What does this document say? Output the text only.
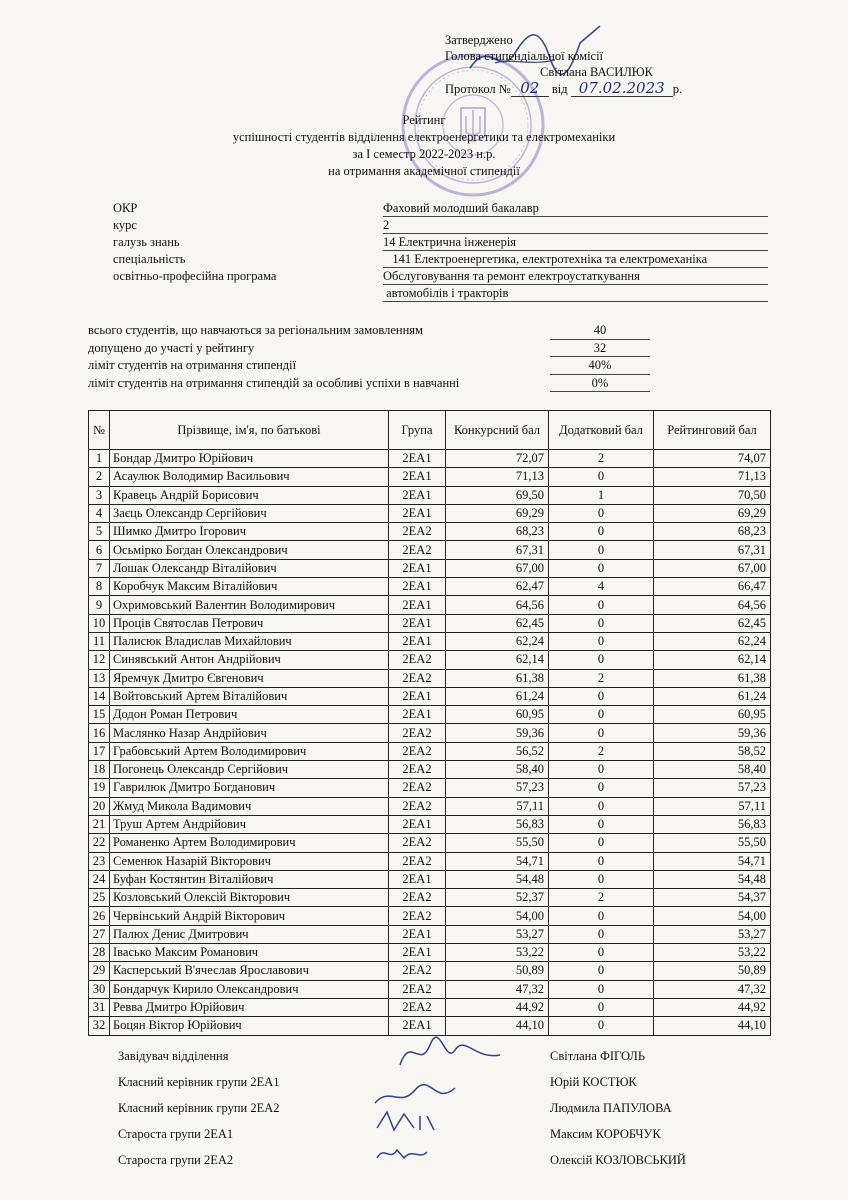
Затверджено
Голова стипендіальної комісії
Світлана ВАСИЛЮК
Протокол № 02 від 07.02.2023 р.
Рейтинг
успішності студентів відділення електроенергетики та електромеханіки
за І семестр 2022-2023 н.р.
на отримання академічної стипендії
ОКР	Фаховий молодший бакалавр
курс	2
галузь знань	14 Електрична інженерія
спеціальність	141 Електроенергетика, електротехніка та електромеханіка
освітньо-професійна програма	Обслуговування та ремонт електроустаткування
автомобілів і тракторів
всього студентів, що навчаються за регіональним замовленням	40
допущено до участі у рейтингу	32
ліміт студентів на отримання стипендії	40%
ліміт студентів на отримання стипендій за особливі успіхи в навчанні	0%
№	Прізвище, ім'я, по батькові	Група	Конкурсний бал	Додатковий бал	Рейтинговий бал
1	Бондар Дмитро Юрійович	2ЕА1	72,07	2	74,07
2	Асаулюк Володимир Васильович	2ЕА1	71,13	0	71,13
3	Кравець Андрій Борисович	2ЕА1	69,50	1	70,50
4	Заєць Олександр Сергійович	2ЕА1	69,29	0	69,29
5	Шимко Дмитро Ігорович	2ЕА2	68,23	0	68,23
6	Осьмірко Богдан Олександрович	2ЕА2	67,31	0	67,31
7	Лошак Олександр Віталійович	2ЕА1	67,00	0	67,00
8	Коробчук Максим Віталійович	2ЕА1	62,47	4	66,47
9	Охримовський Валентин Володимирович	2ЕА1	64,56	0	64,56
10	Проців Святослав Петрович	2ЕА1	62,45	0	62,45
11	Палисюк Владислав Михайлович	2ЕА1	62,24	0	62,24
12	Синявський Антон Андрійович	2ЕА2	62,14	0	62,14
13	Яремчук Дмитро Євгенович	2ЕА2	61,38	2	61,38
14	Войтовський Артем Віталійович	2ЕА1	61,24	0	61,24
15	Додон Роман Петрович	2ЕА1	60,95	0	60,95
16	Маслянко Назар Андрійович	2ЕА2	59,36	0	59,36
17	Грабовський Артем Володимирович	2ЕА2	56,52	2	58,52
18	Погонець Олександр Сергійович	2ЕА2	58,40	0	58,40
19	Гаврилюк Дмитро Богданович	2ЕА2	57,23	0	57,23
20	Жмуд Микола Вадимович	2ЕА2	57,11	0	57,11
21	Труш Артем Андрійович	2ЕА1	56,83	0	56,83
22	Романенко Артем Володимирович	2ЕА2	55,50	0	55,50
23	Семенюк Назарій Вікторович	2ЕА2	54,71	0	54,71
24	Буфан Костянтин Віталійович	2ЕА1	54,48	0	54,48
25	Козловський Олексій Вікторович	2ЕА2	52,37	2	54,37
26	Червінський Андрій Вікторович	2ЕА2	54,00	0	54,00
27	Палюх Денис Дмитрович	2ЕА1	53,27	0	53,27
28	Івасько Максим Романович	2ЕА1	53,22	0	53,22
29	Касперський В'ячеслав Ярославович	2ЕА2	50,89	0	50,89
30	Бондарчук Кирило Олександрович	2ЕА2	47,32	0	47,32
31	Ревва Дмитро Юрійович	2ЕА2	44,92	0	44,92
32	Боцян Віктор Юрійович	2ЕА1	44,10	0	44,10
Завідувач відділення	Світлана ФІГОЛЬ
Класний керівник групи 2ЕА1	Юрій КОСТЮК
Класний керівник групи 2ЕА2	Людмила ПАПУЛОВА
Староста групи 2ЕА1	Максим КОРОБЧУК
Староста групи 2ЕА2	Олексій КОЗЛОВСЬКИЙ
